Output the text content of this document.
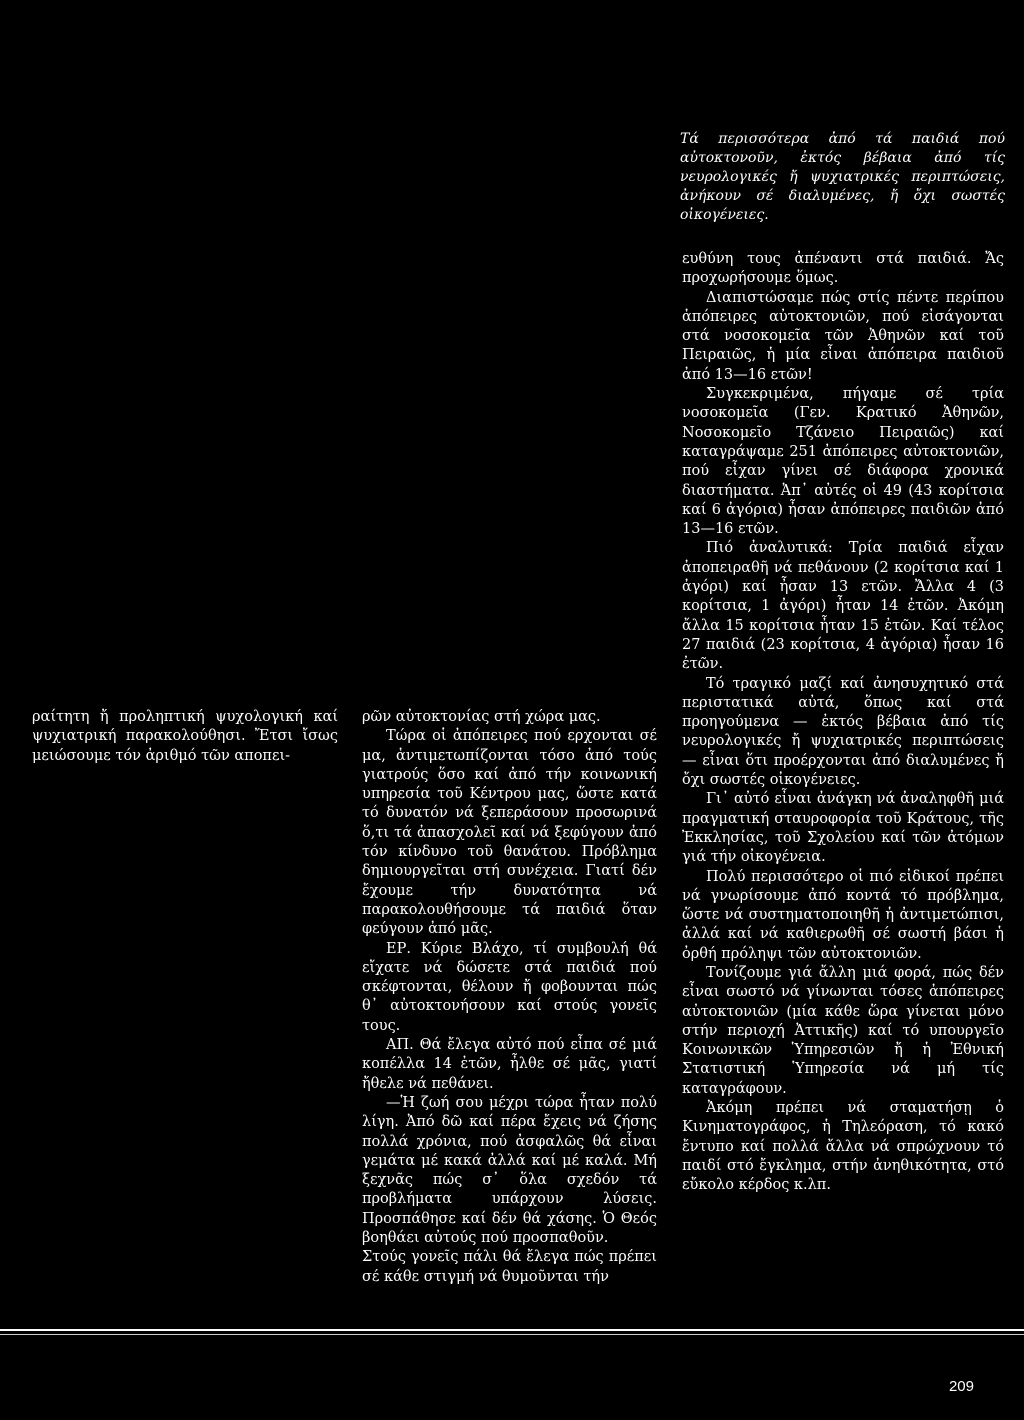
Τά περισσότερα ἀπό τά παιδιά πού αὐτοκτονοῦν, ἐκτός βέβαια ἀπό τίς νευρολογικές ἤ ψυχιατρικές περιπτώσεις, ἀνήκουν σέ διαλυμένες, ἤ ὄχι σωστές οἰκογένειες.

ραίτητη ἤ προληπτική ψυχολογική καί ψυχιατρική παρακολούθησι. Ἔτσι ἴσως μειώσουμε τόν ἀριθμό τῶν αποπει-

ρῶν αὐτοκτονίας στή χώρα μας.

Τώρα οἱ ἀπόπειρες πού ερχονται σέ μα, ἀντιμετωπίζονται τόσο ἀπό τούς γιατρούς ὅσο καί ἀπό τήν κοινωνική υπηρεσία τοῦ Κέντρου μας, ὥστε κατά τό δυνατόν νά ξεπεράσουν προσωρινά ὅ,τι τά ἀπασχολεῖ καί νά ξεφύγουν ἀπό τόν κίνδυνο τοῦ θανάτου. Πρόβλημα δημιουργεῖται στή συνέχεια. Γιατί δέν ἔχουμε τήν δυνατότητα νά παρακολουθήσουμε τά παιδιά ὅταν φεύγουν ἀπό μᾶς.

ΕΡ. Κύριε Βλάχο, τί συμβουλή θά εἴχατε νά δώσετε στά παιδιά πού σκέφτονται, θέλουν ἤ φοβουνται πώς θ᾽ αὐτοκτονήσουν καί στούς γονεῖς τους.

ΑΠ. Θά ἔλεγα αὐτό πού εἶπα σέ μιά κοπέλλα 14 ἐτῶν, ἦλθε σέ μᾶς, γιατί ἤθελε νά πεθάνει.

—Ἡ ζωή σου μέχρι τώρα ἦταν πολύ λίγη. Ἀπό δῶ καί πέρα ἔχεις νά ζήσης πολλά χρόνια, πού ἀσφαλῶς θά εἶναι γεμάτα μέ κακά ἀλλά καί μέ καλά. Μή ξεχνᾶς πώς σ᾽ ὅλα σχεδόν τά προβλήματα υπάρχουν λύσεις. Προσπάθησε καί δέν θά χάσης. Ὁ Θεός βοηθάει αὐτούς πού προσπαθοῦν.

Στούς γονεῖς πάλι θά ἔλεγα πώς πρέπει σέ κάθε στιγμή νά θυμοῦνται τήν

ευθύνη τους ἀπέναντι στά παιδιά. Ἄς προχωρήσουμε ὅμως.

Διαπιστώσαμε πώς στίς πέντε περίπου ἀπόπειρες αὐτοκτονιῶν, πού εἰσάγονται στά νοσοκομεῖα τῶν Ἀθηνῶν καί τοῦ Πειραιῶς, ἡ μία εἶναι ἀπόπειρα παιδιοῦ ἀπό 13—16 ετῶν!

Συγκεκριμένα, πήγαμε σέ τρία νοσοκομεῖα (Γεν. Κρατικό Ἀθηνῶν, Νοσοκομεῖο Τζάνειο Πειραιῶς) καί καταγράψαμε 251 ἀπόπειρες αὐτοκτονιῶν, πού εἶχαν γίνει σέ διάφορα χρονικά διαστήματα. Ἀπ᾽ αὐτές οἱ 49 (43 κορίτσια καί 6 ἀγόρια) ἦσαν ἀπόπειρες παιδιῶν ἀπό 13—16 ετῶν.

Πιό ἀναλυτικά: Τρία παιδιά εἶχαν ἀποπειραθῆ νά πεθάνουν (2 κορίτσια καί 1 ἀγόρι) καί ἦσαν 13 ετῶν. Ἄλλα 4 (3 κορίτσια, 1 ἀγόρι) ἦταν 14 ἐτῶν. Ἀκόμη ἄλλα 15 κορίτσια ἦταν 15 ἐτῶν. Καί τέλος 27 παιδιά (23 κορίτσια, 4 ἀγόρια) ἦσαν 16 ἐτῶν.

Τό τραγικό μαζί καί ἀνησυχητικό στά περιστατικά αὐτά, ὅπως καί στά προηγούμενα — ἐκτός βέβαια ἀπό τίς νευρολογικές ἤ ψυχιατρικές περιπτώσεις — εἶναι ὅτι προέρχονται ἀπό διαλυμένες ἤ ὄχι σωστές οἰκογένειες.

Γι᾽ αὐτό εἶναι ἀνάγκη νά ἀναληφθῆ μιά πραγματική σταυροφορία τοῦ Κράτους, τῆς Ἐκκλησίας, τοῦ Σχολείου καί τῶν ἀτόμων γιά τήν οἰκογένεια.

Πολύ περισσότερο οἱ πιό εἰδικοί πρέπει νά γνωρίσουμε ἀπό κοντά τό πρόβλημα, ὥστε νά συστηματοποιηθῆ ἡ ἀντιμετώπισι, ἀλλά καί νά καθιερωθῆ σέ σωστή βάσι ἡ ὀρθή πρόληψι τῶν αὐτοκτονιῶν.

Τονίζουμε γιά ἄλλη μιά φορά, πώς δέν εἶναι σωστό νά γίνωνται τόσες ἀπόπειρες αὐτοκτονιῶν (μία κάθε ὥρα γίνεται μόνο στήν περιοχή Ἀττικῆς) καί τό υπουργεῖο Κοινωνικῶν Ὑπηρεσιῶν ἤ ἡ Ἐθνική Στατιστική Ὑπηρεσία νά μή τίς καταγράφουν.

Ἀκόμη πρέπει νά σταματήσῃ ὁ Κινηματογράφος, ἡ Τηλεόραση, τό κακό ἔντυπο καί πολλά ἄλλα νά σπρώχνουν τό παιδί στό ἔγκλημα, στήν ἀνηθικότητα, στό εὔκολο κέρδος κ.λπ.

209
